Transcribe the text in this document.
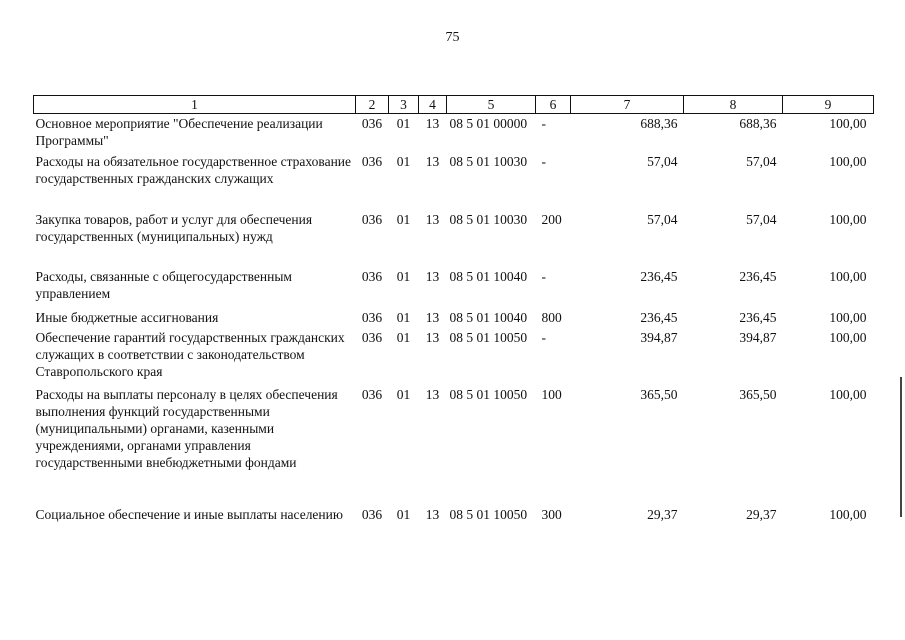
75
1	2	3	4	5	6	7	8	9
Основное мероприятие "Обеспечение реализации Программы"	036	01	13	08 5 01 00000	-	688,36	688,36	100,00
Расходы на обязательное государственное страхование государственных гражданских служащих	036	01	13	08 5 01 10030	-	57,04	57,04	100,00
Закупка товаров, работ и услуг для обеспечения государственных (муниципальных) нужд	036	01	13	08 5 01 10030	200	57,04	57,04	100,00
Расходы, связанные с общегосударственным управлением	036	01	13	08 5 01 10040	-	236,45	236,45	100,00
Иные бюджетные ассигнования	036	01	13	08 5 01 10040	800	236,45	236,45	100,00
Обеспечение гарантий государственных гражданских служащих в соответствии с законодательством Ставропольского края	036	01	13	08 5 01 10050	-	394,87	394,87	100,00
Расходы на выплаты персоналу в целях обеспечения выполнения функций государственными (муниципальными) органами, казенными учреждениями, органами управления государственными внебюджетными фондами	036	01	13	08 5 01 10050	100	365,50	365,50	100,00
Социальное обеспечение и иные выплаты населению	036	01	13	08 5 01 10050	300	29,37	29,37	100,00
